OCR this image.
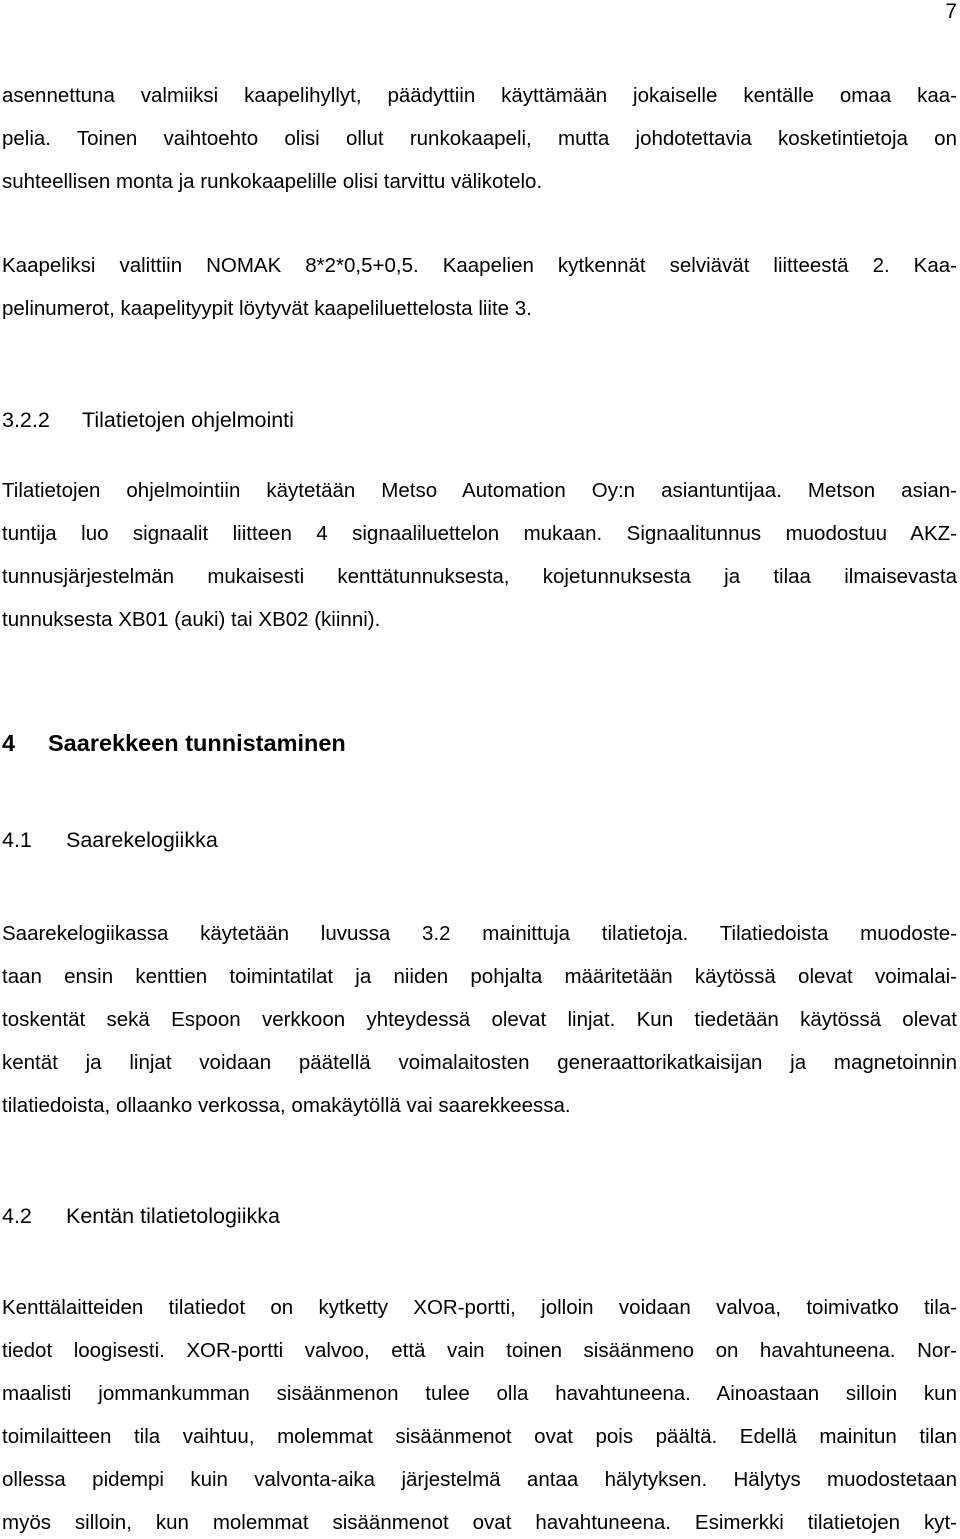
7
asennettuna valmiiksi kaapelihyllyt, päädyttiin käyttämään jokaiselle kentälle omaa kaa-
pelia. Toinen vaihtoehto olisi ollut runkokaapeli, mutta johdotettavia kosketintietoja on
suhteellisen monta ja runkokaapelille olisi tarvittu välikotelo.
Kaapeliksi valittiin NOMAK 8*2*0,5+0,5. Kaapelien kytkennät selviävät liitteestä 2. Kaa-
pelinumerot, kaapelityypit löytyvät kaapeliluettelosta liite 3.
3.2.2 Tilatietojen ohjelmointi
Tilatietojen ohjelmointiin käytetään Metso Automation Oy:n asiantuntijaa. Metson asian-
tuntija luo signaalit liitteen 4 signaaliluettelon mukaan. Signaalitunnus muodostuu AKZ-
tunnusjärjestelmän mukaisesti kenttätunnuksesta, kojetunnuksesta ja tilaa ilmaisevasta
tunnuksesta XB01 (auki) tai XB02 (kiinni).
4 Saarekkeen tunnistaminen
4.1 Saarekelogiikka
Saarekelogiikassa käytetään luvussa 3.2 mainittuja tilatietoja. Tilatiedoista muodoste-
taan ensin kenttien toimintatilat ja niiden pohjalta määritetään käytössä olevat voimalai-
toskentät sekä Espoon verkkoon yhteydessä olevat linjat. Kun tiedetään käytössä olevat
kentät ja linjat voidaan päätellä voimalaitosten generaattorikatkaisijan ja magnetoinnin
tilatiedoista, ollaanko verkossa, omakäytöllä vai saarekkeessa.
4.2 Kentän tilatietologiikka
Kenttälaitteiden tilatiedot on kytketty XOR-portti, jolloin voidaan valvoa, toimivatko tila-
tiedot loogisesti. XOR-portti valvoo, että vain toinen sisäänmeno on havahtuneena. Nor-
maalisti jommankumman sisäänmenon tulee olla havahtuneena. Ainoastaan silloin kun
toimilaitteen tila vaihtuu, molemmat sisäänmenot ovat pois päältä. Edellä mainitun tilan
ollessa pidempi kuin valvonta-aika järjestelmä antaa hälytyksen. Hälytys muodostetaan
myös silloin, kun molemmat sisäänmenot ovat havahtuneena. Esimerkki tilatietojen kyt-
